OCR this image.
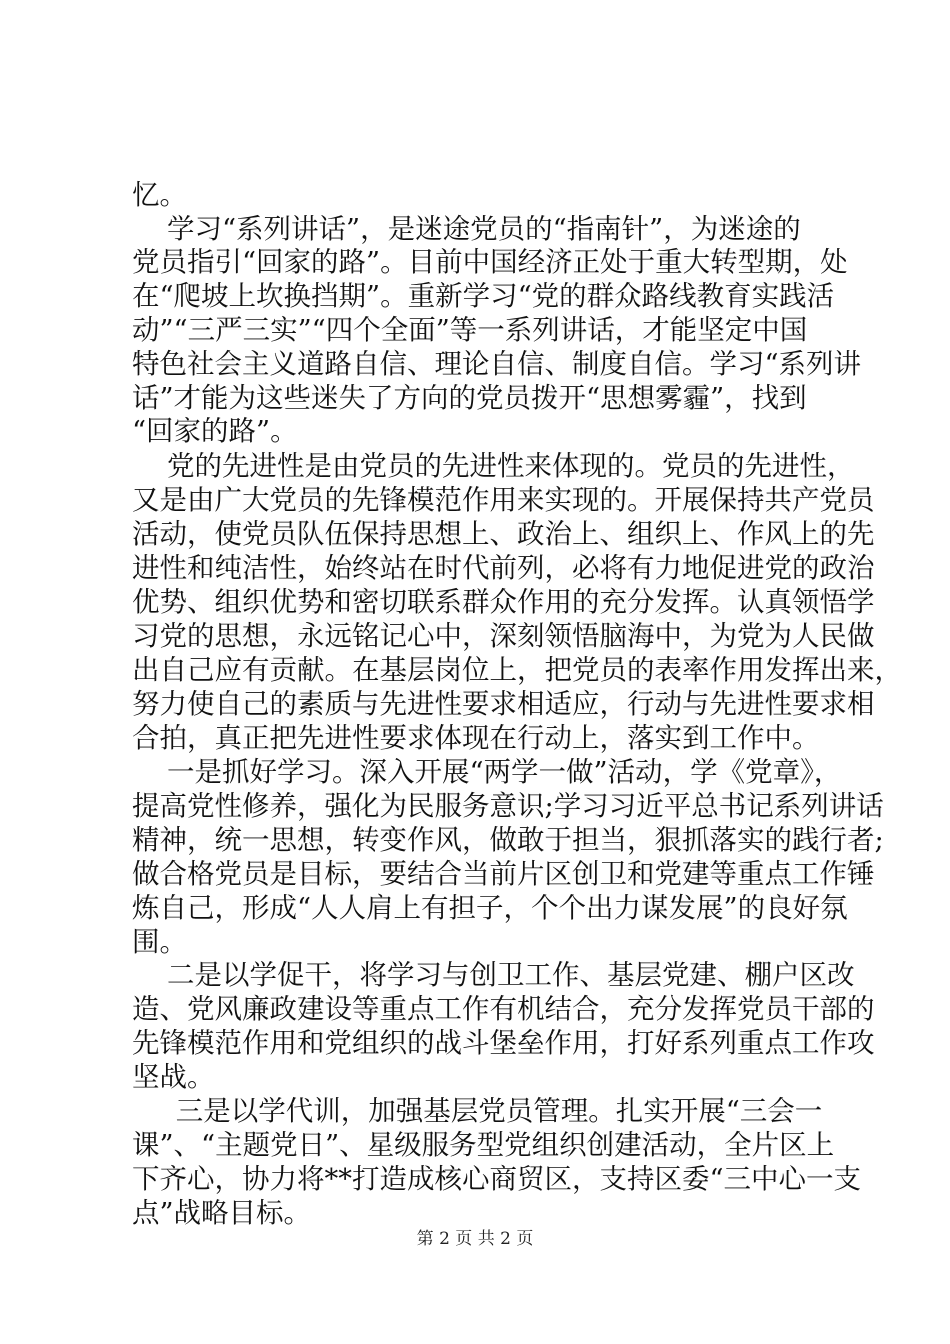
忆。
学习“系列讲话”，是迷途党员的“指南针”，为迷途的
党员指引“回家的路”。目前中国经济正处于重大转型期，处
在“爬坡上坎换挡期”。重新学习“党的群众路线教育实践活
动”“三严三实”“四个全面”等一系列讲话，才能坚定中国
特色社会主义道路自信、理论自信、制度自信。学习“系列讲
话”才能为这些迷失了方向的党员拨开“思想雾霾”，找到
“回家的路”。
党的先进性是由党员的先进性来体现的。党员的先进性，
又是由广大党员的先锋模范作用来实现的。开展保持共产党员
活动，使党员队伍保持思想上、政治上、组织上、作风上的先
进性和纯洁性，始终站在时代前列，必将有力地促进党的政治
优势、组织优势和密切联系群众作用的充分发挥。认真领悟学
习党的思想，永远铭记心中，深刻领悟脑海中，为党为人民做
出自己应有贡献。在基层岗位上，把党员的表率作用发挥出来，
努力使自己的素质与先进性要求相适应，行动与先进性要求相
合拍，真正把先进性要求体现在行动上，落实到工作中。
一是抓好学习。深入开展“两学一做”活动，学《党章》，
提高党性修养，强化为民服务意识;学习习近平总书记系列讲话
精神，统一思想，转变作风，做敢于担当，狠抓落实的践行者;
做合格党员是目标，要结合当前片区创卫和党建等重点工作锤
炼自己，形成“人人肩上有担子，个个出力谋发展”的良好氛
围。
二是以学促干，将学习与创卫工作、基层党建、棚户区改
造、党风廉政建设等重点工作有机结合，充分发挥党员干部的
先锋模范作用和党组织的战斗堡垒作用，打好系列重点工作攻
坚战。
三是以学代训，加强基层党员管理。扎实开展“三会一
课”、“主题党日”、星级服务型党组织创建活动，全片区上
下齐心，协力将**打造成核心商贸区，支持区委“三中心一支
点”战略目标。
第 2 页 共 2 页
